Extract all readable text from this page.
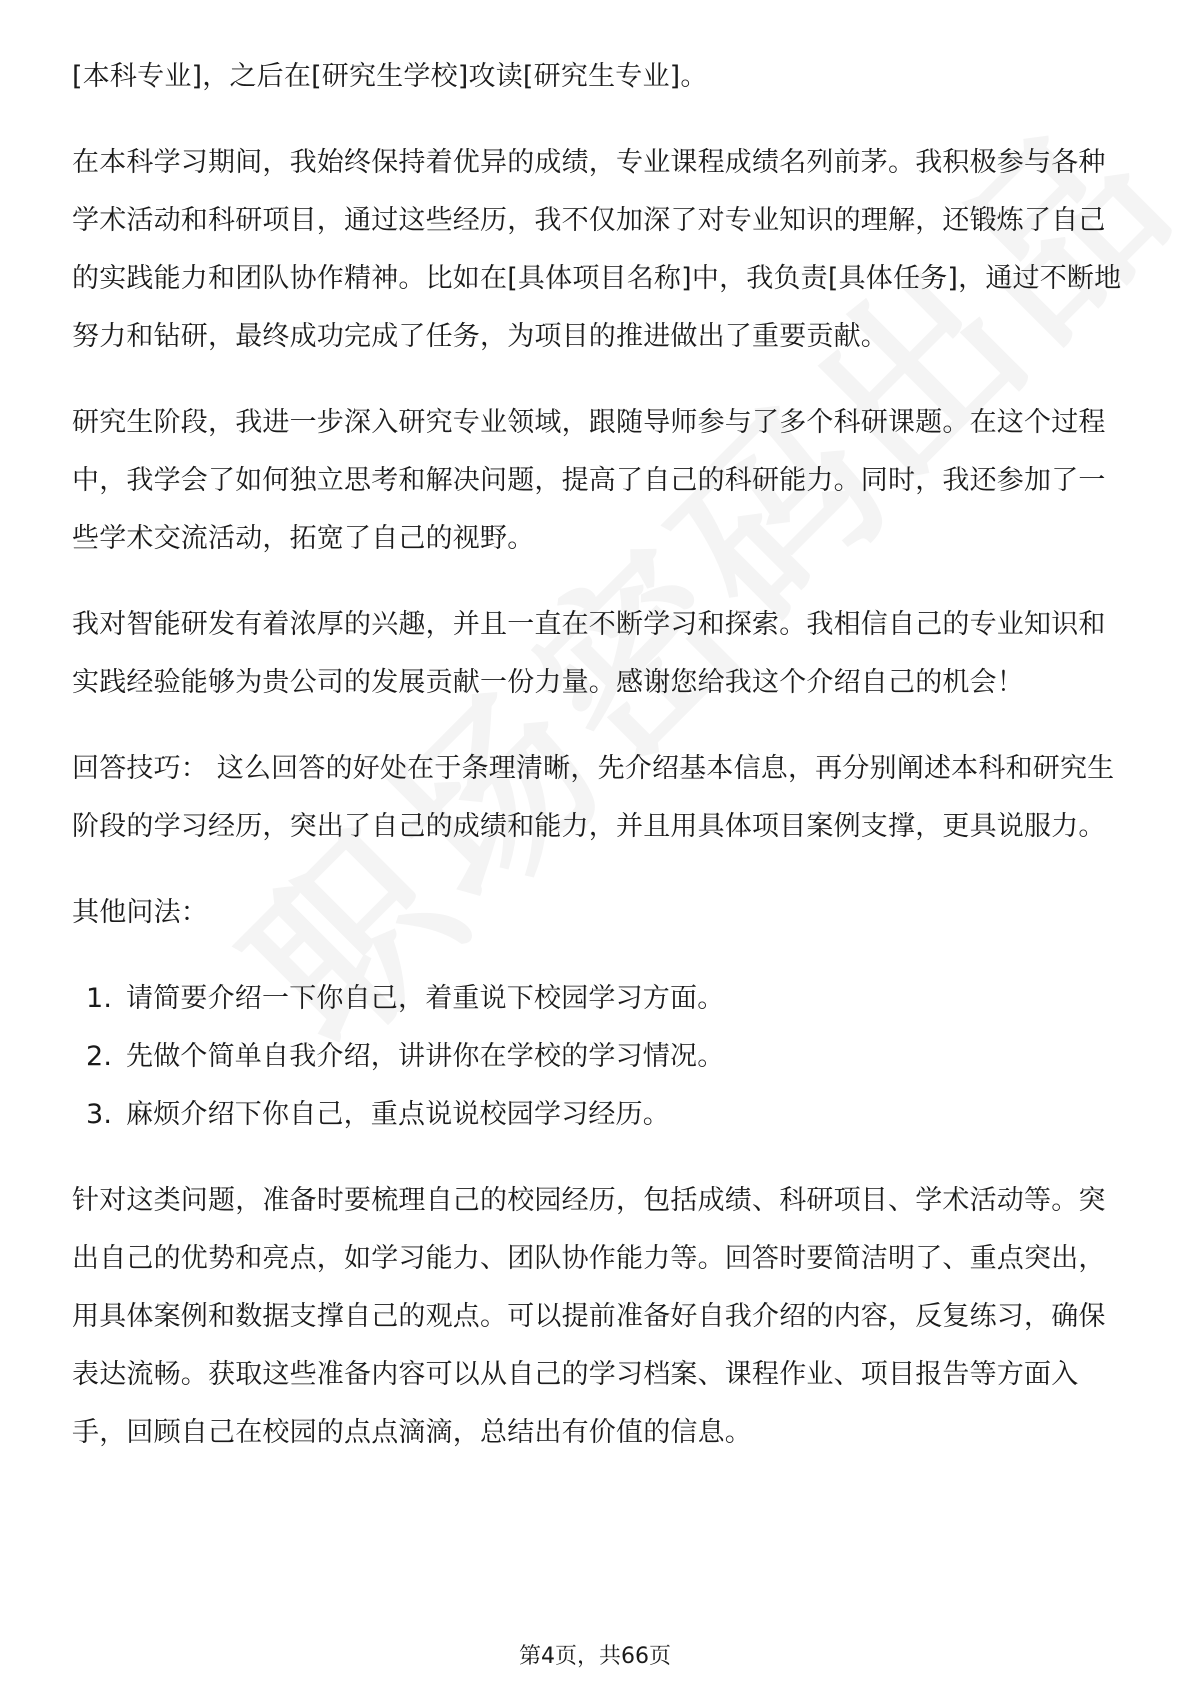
[本科专业]，之后在[研究生学校]攻读[研究生专业]。

在本科学习期间，我始终保持着优异的成绩，专业课程成绩名列前茅。我积极参与各种学术活动和科研项目，通过这些经历，我不仅加深了对专业知识的理解，还锻炼了自己的实践能力和团队协作精神。比如在[具体项目名称]中，我负责[具体任务]，通过不断地努力和钻研，最终成功完成了任务，为项目的推进做出了重要贡献。

研究生阶段，我进一步深入研究专业领域，跟随导师参与了多个科研课题。在这个过程中，我学会了如何独立思考和解决问题，提高了自己的科研能力。同时，我还参加了一些学术交流活动，拓宽了自己的视野。

我对智能研发有着浓厚的兴趣，并且一直在不断学习和探索。我相信自己的专业知识和实践经验能够为贵公司的发展贡献一份力量。感谢您给我这个介绍自己的机会！

回答技巧： 这么回答的好处在于条理清晰，先介绍基本信息，再分别阐述本科和研究生阶段的学习经历，突出了自己的成绩和能力，并且用具体项目案例支撑，更具说服力。

其他问法：

1. 请简要介绍一下你自己，着重说下校园学习方面。
2. 先做个简单自我介绍，讲讲你在学校的学习情况。
3. 麻烦介绍下你自己，重点说说校园学习经历。

针对这类问题，准备时要梳理自己的校园经历，包括成绩、科研项目、学术活动等。突出自己的优势和亮点，如学习能力、团队协作能力等。回答时要简洁明了、重点突出，用具体案例和数据支撑自己的观点。可以提前准备好自我介绍的内容，反复练习，确保表达流畅。获取这些准备内容可以从自己的学习档案、课程作业、项目报告等方面入手，回顾自己在校园的点点滴滴，总结出有价值的信息。

第4页，共66页
